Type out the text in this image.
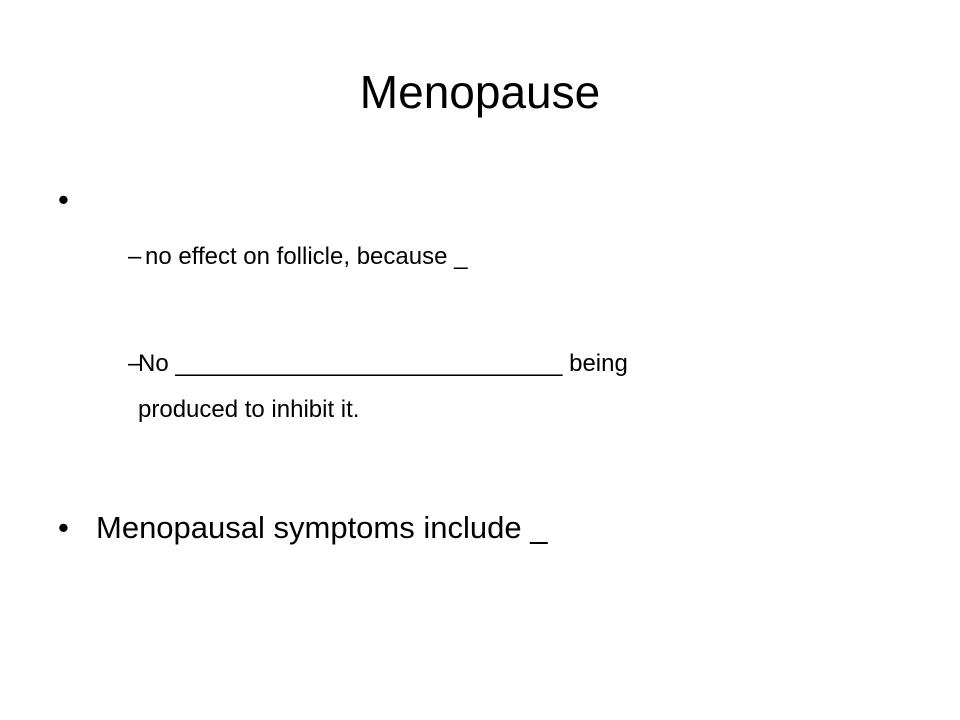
Menopause
•
– no effect on follicle, because _
–
No _____________________________ being
produced to inhibit it.
• Menopausal symptoms include _
